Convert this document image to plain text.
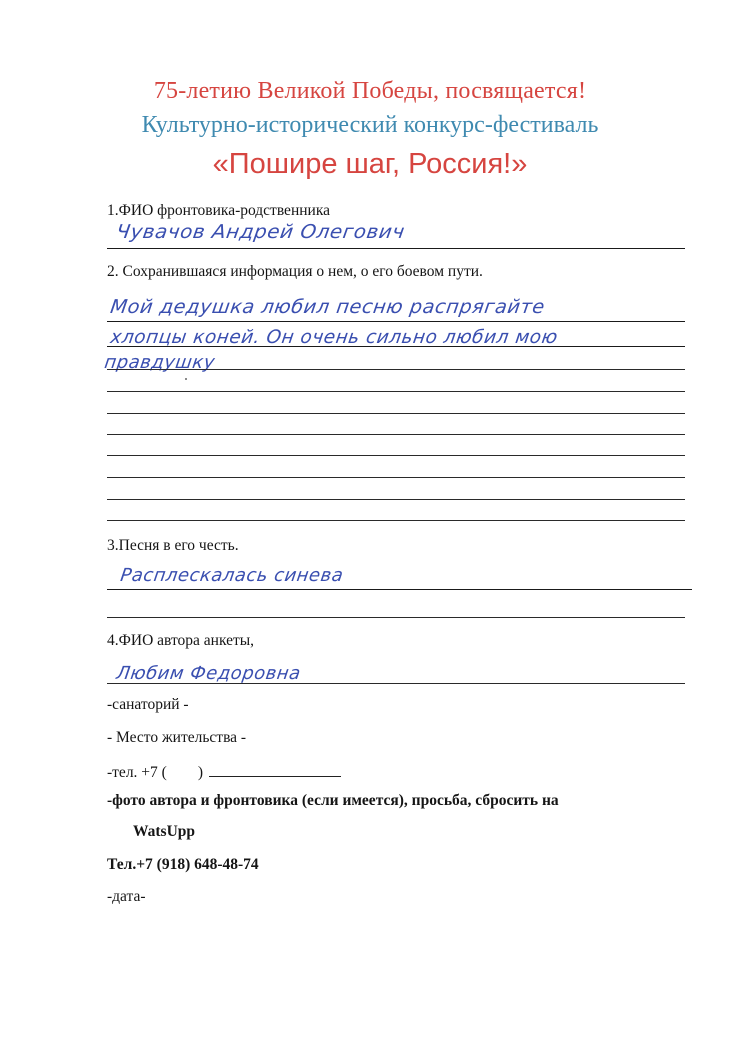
75-летию Великой Победы, посвящается!
Культурно-исторический конкурс-фестиваль
«Пошире шаг, Россия!»
1.ФИО фронтовика-родственника
Чувачов Андрей Олегович
2. Сохранившаяся информация о нем, о его боевом пути.
Мой дедушка любил песню распрягайте
хлопцы коней. Он очень сильно любил мою
правдушку
3.Песня в его честь.
Расплескалась синева
4.ФИО автора анкеты,
Любим Федоровна
-санаторий -
- Место жительства -
-тел. +7 (        )
-фото автора и фронтовика (если имеется), просьба, сбросить на
WatsUpp
Тел.+7 (918) 648-48-74
-дата-
